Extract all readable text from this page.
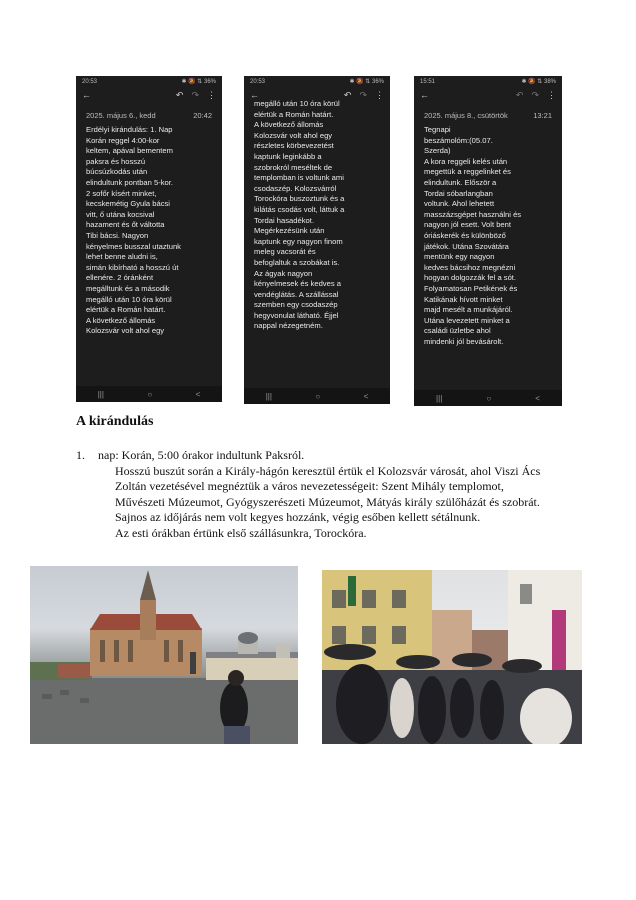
20:53	✱ 🔕 ⇅ 36%
←	↶ ↷ ⋮
2025. május 6., kedd	20:42
Erdélyi kirándulás: 1. Nap
Korán reggel 4:00-kor
keltem, apával bementem
paksra és hosszú
búcsúzkodás után
elindultunk pontban 5-kor.
2 sofőr kísért minket,
kecskemétig Gyula bácsi
vitt, ő utána kocsival
hazament és őt váltotta
Tibi bácsi. Nagyon
kényelmes busszal utaztunk
lehet benne aludni is,
simán kibírható a hosszú út
ellenére. 2 óránként
megálltunk és a második
megálló után 10 óra körül
elértük a Román határt.
A következő állomás
Kolozsvár volt ahol egy
|||	○	<
20:53	✱ 🔕 ⇅ 36%
←	↶ ↷ ⋮
megálló után 10 óra körül
elértük a Román határt.
A következő állomás
Kolozsvár volt ahol egy
részletes körbevezetést
kaptunk leginkább a
szobrokról meséltek de
templomban is voltunk ami
csodaszép. Kolozsvárról
Torockóra buszoztunk és a
kilátás csodás volt, láttuk a
Tordai hasadékot.
Megérkezésünk után
kaptunk egy nagyon finom
meleg vacsorát és
befoglaltuk a szobákat is.
Az ágyak nagyon
kényelmesek és kedves a
vendéglátás. A szállással
szemben egy csodaszép
hegyvonulat látható. Éjjel
nappal nézegetném.
|||	○	<
15:51	✱ 🔕 ⇅ 38%
←	↶ ↷ ⋮
2025. május 8., csütörtök	13:21
Tegnapi
beszámolóm:(05.07.
Szerda)
A kora reggeli kelés után
megettük a reggelinket és
elindultunk. Először a
Tordai sóbarlangban
voltunk. Ahol lehetett
masszázsgépet használni és
nagyon jól esett. Volt bent
óriáskerék és különböző
játékok. Utána Szovátára
mentünk egy nagyon
kedves bácsihoz megnézni
hogyan dolgozzák fel a sót.
Folyamatosan Petikének és
Katikának hívott minket
majd mesélt a munkájáról.
Utána levezetett minket a
családi üzletbe ahol
mindenki jól bevásárolt.
|||	○	<
A kirándulás
1.	nap: Korán, 5:00 órakor indultunk Paksról.
Hosszú buszút során a Király-hágón keresztül értük el Kolozsvár városát, ahol Viszi Ács Zoltán vezetésével megnéztük a város nevezetességeit: Szent Mihály templomot, Művészeti Múzeumot, Gyógyszerészeti Múzeumot, Mátyás király szülőházát és szobrát. Sajnos az időjárás nem volt kegyes hozzánk, végig esőben kellett sétálnunk.
Az esti órákban értünk első szállásunkra, Torockóra.
